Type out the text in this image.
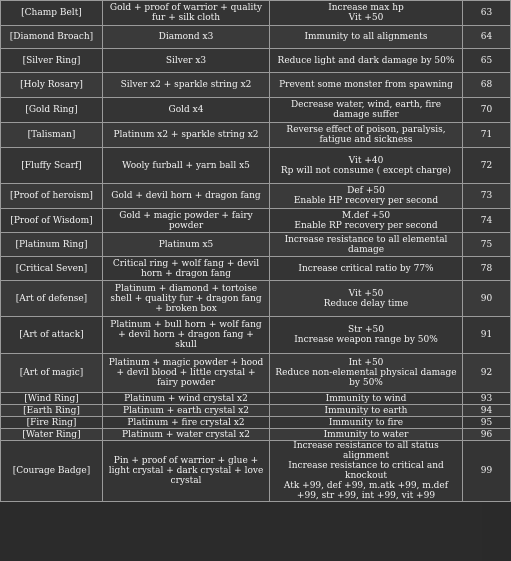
[Champ Belt]	Gold + proof of warrior + quality fur + silk cloth	Increase max hp
Vit +50	63
[Diamond Broach]	Diamond x3	Immunity to all alignments	64
[Silver Ring]	Silver x3	Reduce light and dark damage by 50%	65
[Holy Rosary]	Silver x2 + sparkle string x2	Prevent some monster from spawning	68
[Gold Ring]	Gold x4	Decrease water, wind, earth, fire damage suffer	70
[Talisman]	Platinum x2 + sparkle string x2	Reverse effect of poison, paralysis, fatigue and sickness	71
[Fluffy Scarf]	Wooly furball + yarn ball x5	Vit +40
Rp will not consume ( except charge)	72
[Proof of heroism]	Gold + devil horn + dragon fang	Def +50
Enable HP recovery per second	73
[Proof of Wisdom]	Gold + magic powder + fairy powder	M.def +50
Enable RP recovery per second	74
[Platinum Ring]	Platinum x5	Increase resistance to all elemental damage	75
[Critical Seven]	Critical ring + wolf fang + devil horn + dragon fang	Increase critical ratio by 77%	78
[Art of defense]	Platinum + diamond + tortoise shell + quality fur + dragon fang + broken box	Vit +50
Reduce delay time	90
[Art of attack]	Platinum + bull horn + wolf fang + devil horn + dragon fang + skull	Str +50
Increase weapon range by 50%	91
[Art of magic]	Platinum + magic powder + hood + devil blood + little crystal + fairy powder	Int +50
Reduce non-elemental physical damage by 50%	92
[Wind Ring]	Platinum + wind crystal x2	Immunity to wind	93
[Earth Ring]	Platinum + earth crystal x2	Immunity to earth	94
[Fire Ring]	Platinum + fire crystal x2	Immunity to fire	95
[Water Ring]	Platinum + water crystal x2	Immunity to water	96
[Courage Badge]	Pin + proof of warrior + glue + light crystal + dark crystal + love crystal	Increase resistance to all status alignment
Increase resistance to critical and knockout
Atk +99, def +99, m.atk +99, m.def +99, str +99, int +99, vit +99	99
